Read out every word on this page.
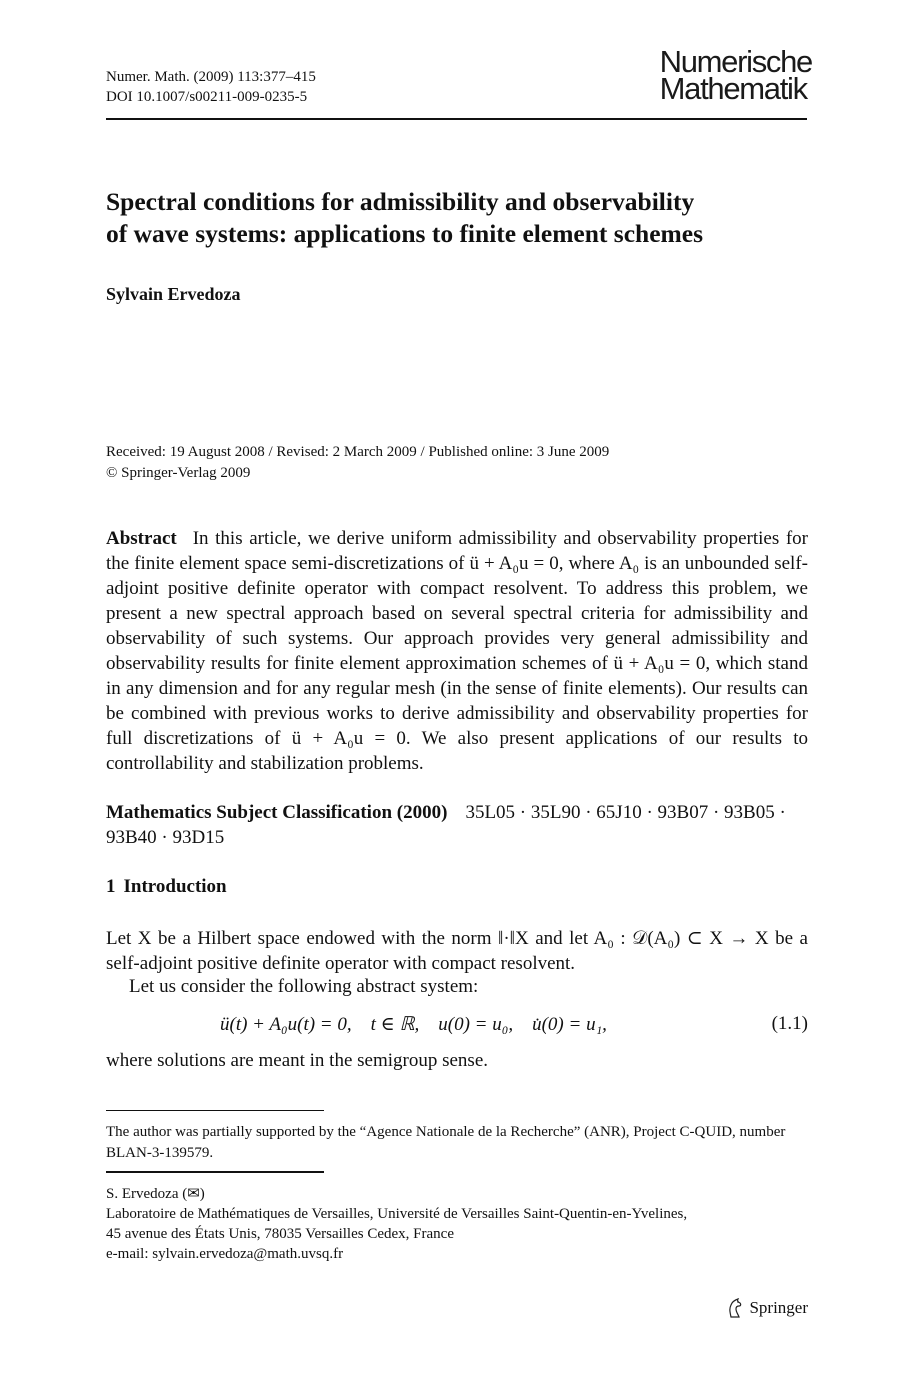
Numer. Math. (2009) 113:377–415
DOI 10.1007/s00211-009-0235-5
Numerische
Mathematik
Spectral conditions for admissibility and observability
of wave systems: applications to finite element schemes
Sylvain Ervedoza
Received: 19 August 2008 / Revised: 2 March 2009 / Published online: 3 June 2009
© Springer-Verlag 2009

Abstract In this article, we derive uniform admissibility and observability properties for the finite element space semi-discretizations of ü + A₀u = 0, where A₀ is an unbounded self-adjoint positive definite operator with compact resolvent. To address this problem, we present a new spectral approach based on several spectral criteria for admissibility and observability of such systems. Our approach provides very general admissibility and observability results for finite element approximation schemes of ü + A₀u = 0, which stand in any dimension and for any regular mesh (in the sense of finite elements). Our results can be combined with previous works to derive admissibility and observability properties for full discretizations of ü + A₀u = 0. We also present applications of our results to controllability and stabilization problems.

Mathematics Subject Classification (2000) 35L05 · 35L90 · 65J10 · 93B07 · 93B05 · 93B40 · 93D15

1 Introduction

Let X be a Hilbert space endowed with the norm ‖·‖X and let A₀ : 𝒟(A₀) ⊂ X → X be a self-adjoint positive definite operator with compact resolvent.

Let us consider the following abstract system:

ü(t) + A₀u(t) = 0,    t ∈ ℝ,    u(0) = u₀,    u̇(0) = u₁,	(1.1)

where solutions are meant in the semigroup sense.

The author was partially supported by the “Agence Nationale de la Recherche” (ANR), Project C-QUID, number BLAN-3-139579.

S. Ervedoza (✉)
Laboratoire de Mathématiques de Versailles, Université de Versailles Saint-Quentin-en-Yvelines,
45 avenue des États Unis, 78035 Versailles Cedex, France
e-mail: sylvain.ervedoza@math.uvsq.fr
Springer
